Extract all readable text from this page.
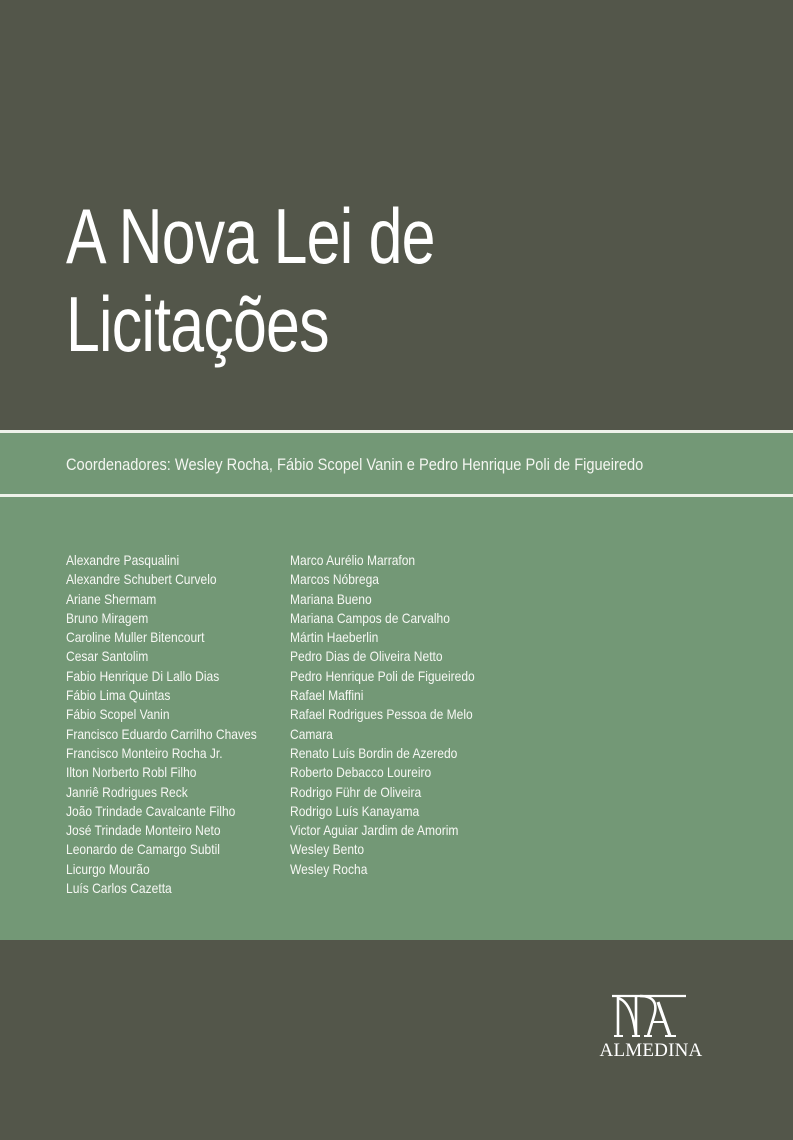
A Nova Lei de
Licitações
Coordenadores: Wesley Rocha, Fábio Scopel Vanin e Pedro Henrique Poli de Figueiredo
Alexandre Pasqualini
Alexandre Schubert Curvelo
Ariane Shermam
Bruno Miragem
Caroline Muller Bitencourt
Cesar Santolim
Fabio Henrique Di Lallo Dias
Fábio Lima Quintas
Fábio Scopel Vanin
Francisco Eduardo Carrilho Chaves
Francisco Monteiro Rocha Jr.
Ilton Norberto Robl Filho
Janriê Rodrigues Reck
João Trindade Cavalcante Filho
José Trindade Monteiro Neto
Leonardo de Camargo Subtil
Licurgo Mourão
Luís Carlos Cazetta
Marco Aurélio Marrafon
Marcos Nóbrega
Mariana Bueno
Mariana Campos de Carvalho
Mártin Haeberlin
Pedro Dias de Oliveira Netto
Pedro Henrique Poli de Figueiredo
Rafael Maffini
Rafael Rodrigues Pessoa de Melo
Camara
Renato Luís Bordin de Azeredo
Roberto Debacco Loureiro
Rodrigo Führ de Oliveira
Rodrigo Luís Kanayama
Victor Aguiar Jardim de Amorim
Wesley Bento
Wesley Rocha
ALMEDINA
